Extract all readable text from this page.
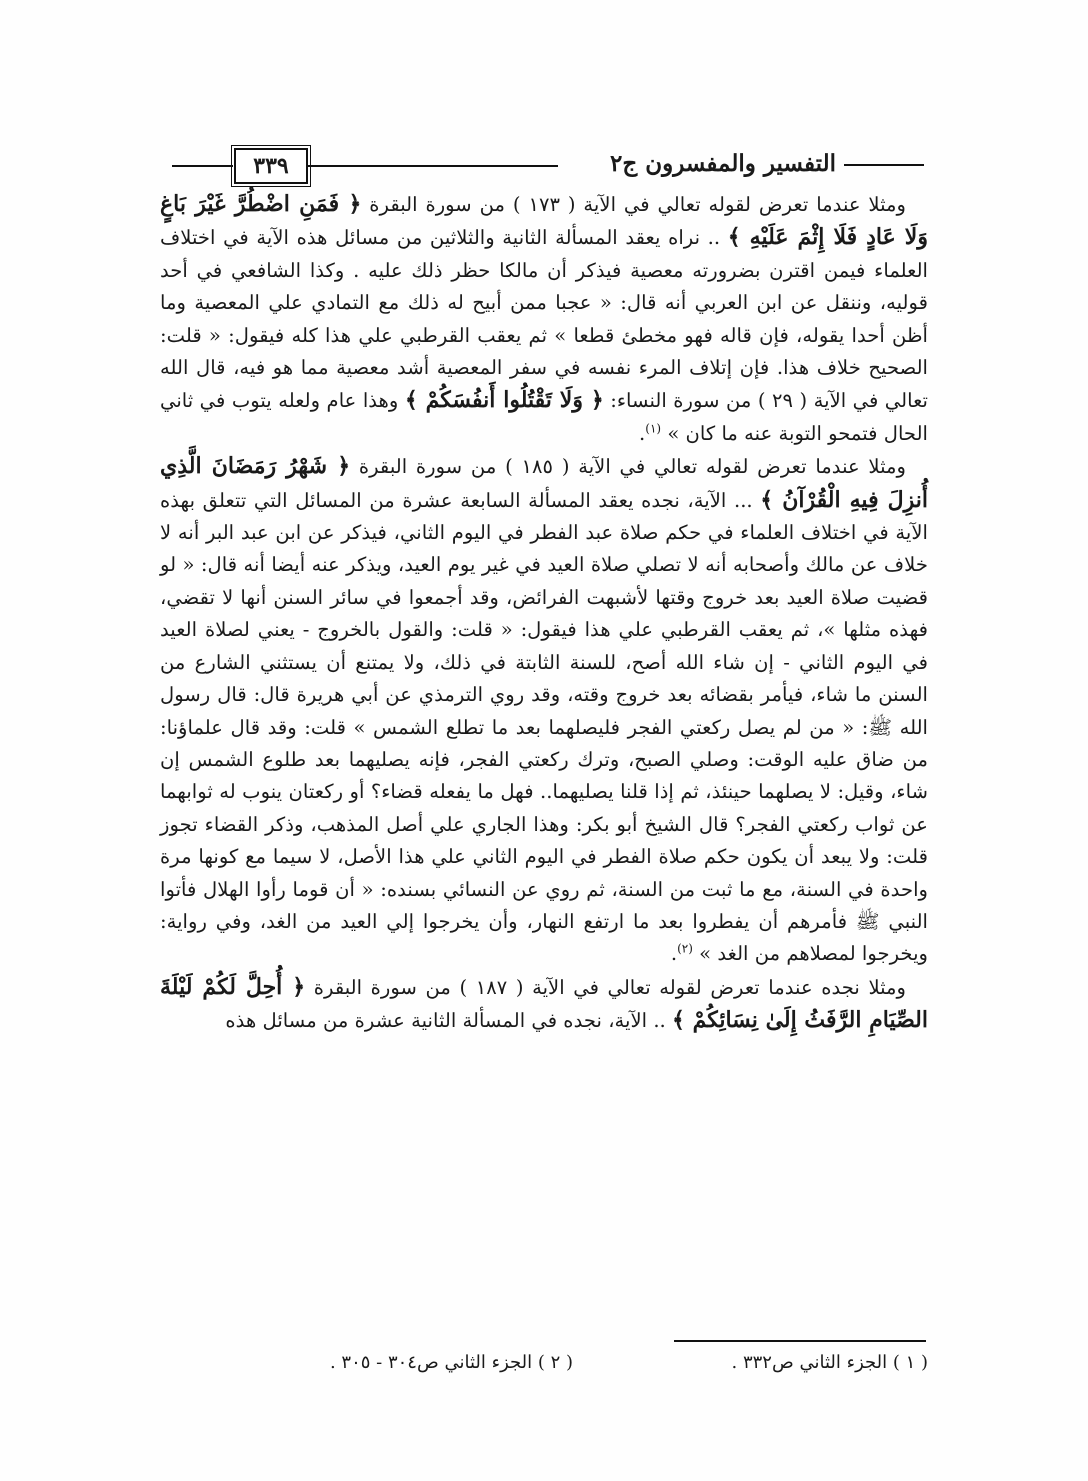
التفسير والمفسرون ج٢
٣٣٩

ومثلا عندما تعرض لقوله تعالي في الآية ( ١٧٣ ) من سورة البقرة ﴿ فَمَنِ اضْطُرَّ غَيْرَ بَاغٍ وَلَا عَادٍ فَلَا إِثْمَ عَلَيْهِ ﴾ .. نراه يعقد المسألة الثانية والثلاثين من مسائل هذه الآية في اختلاف العلماء فيمن اقترن بضرورته معصية فيذكر أن مالكا حظر ذلك عليه . وكذا الشافعي في أحد قوليه، وننقل عن ابن العربي أنه قال: « عجبا ممن أبيح له ذلك مع التمادي علي المعصية وما أظن أحدا يقوله، فإن قاله فهو مخطئ قطعا » ثم يعقب القرطبي علي هذا كله فيقول: « قلت: الصحيح خلاف هذا. فإن إتلاف المرء نفسه في سفر المعصية أشد معصية مما هو فيه، قال الله تعالي في الآية ( ٢٩ ) من سورة النساء: ﴿ وَلَا تَقْتُلُوا أَنفُسَكُمْ ﴾ وهذا عام ولعله يتوب في ثاني الحال فتمحو التوبة عنه ما كان » $^{(١)}$.

ومثلا عندما تعرض لقوله تعالي في الآية ( ١٨٥ ) من سورة البقرة ﴿ شَهْرُ رَمَضَانَ الَّذِي أُنزِلَ فِيهِ الْقُرْآنُ ﴾ ... الآية، نجده يعقد المسألة السابعة عشرة من المسائل التي تتعلق بهذه الآية في اختلاف العلماء في حكم صلاة عبد الفطر في اليوم الثاني، فيذكر عن ابن عبد البر أنه لا خلاف عن مالك وأصحابه أنه لا تصلي صلاة العيد في غير يوم العيد، ويذكر عنه أيضا أنه قال: « لو قضيت صلاة العيد بعد خروج وقتها لأشبهت الفرائض، وقد أجمعوا في سائر السنن أنها لا تقضي، فهذه مثلها »، ثم يعقب القرطبي علي هذا فيقول: « قلت: والقول بالخروج - يعني لصلاة العيد في اليوم الثاني - إن شاء الله أصح، للسنة الثابتة في ذلك، ولا يمتنع أن يستثني الشارع من السنن ما شاء، فيأمر بقضائه بعد خروج وقته، وقد روي الترمذي عن أبي هريرة قال: قال رسول الله ﷺ: « من لم يصل ركعتي الفجر فليصلهما بعد ما تطلع الشمس » قلت: وقد قال علماؤنا: من ضاق عليه الوقت: وصلي الصبح، وترك ركعتي الفجر، فإنه يصليهما بعد طلوع الشمس إن شاء، وقيل: لا يصلهما حينئذ، ثم إذا قلنا يصليهما.. فهل ما يفعله قضاء؟ أو ركعتان ينوب له ثوابهما عن ثواب ركعتي الفجر؟ قال الشيخ أبو بكر: وهذا الجاري علي أصل المذهب، وذكر القضاء تجوز قلت: ولا يبعد أن يكون حكم صلاة الفطر في اليوم الثاني علي هذا الأصل، لا سيما مع كونها مرة واحدة في السنة، مع ما ثبت من السنة، ثم روي عن النسائي بسنده: « أن قوما رأوا الهلال فأتوا النبي ﷺ فأمرهم أن يفطروا بعد ما ارتفع النهار، وأن يخرجوا إلي العيد من الغد، وفي رواية: ويخرجوا لمصلاهم من الغد » $^{(٢)}$.

ومثلا نجده عندما تعرض لقوله تعالي في الآية ( ١٨٧ ) من سورة البقرة ﴿ أُحِلَّ لَكُمْ لَيْلَةَ الصِّيَامِ الرَّفَثُ إِلَىٰ نِسَائِكُمْ ﴾ .. الآية، نجده في المسألة الثانية عشرة من مسائل هذه

( ١ ) الجزء الثاني ص٣٣٢ .
( ٢ ) الجزء الثاني ص٣٠٤ - ٣٠٥ .
